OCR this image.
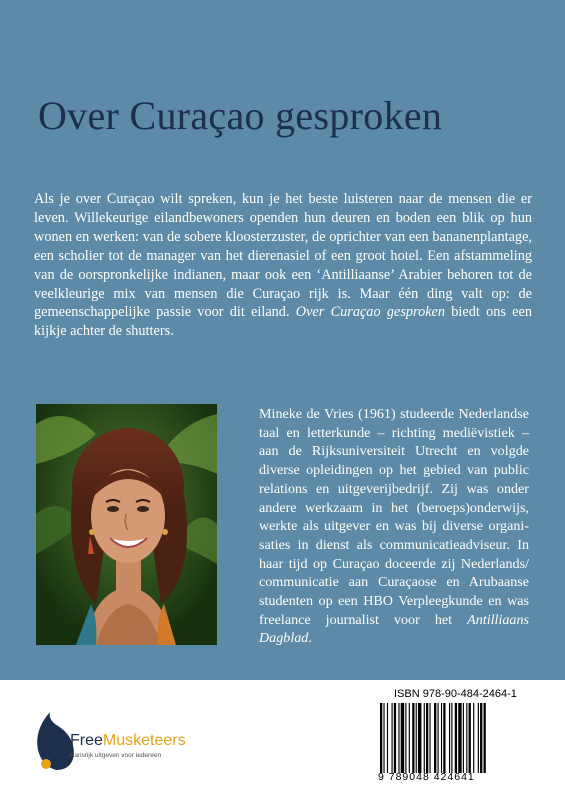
Over Curaçao gesproken
Als je over Curaçao wilt spreken, kun je het beste luisteren naar de mensen die er leven. Willekeurige eilandbewoners openden hun deuren en boden een blik op hun wonen en werken: van de sobere kloosterzuster, de oprichter van een bananenplantage, een scholier tot de manager van het dierenasiel of een groot hotel. Een afstammeling van de oorspronkelijke indianen, maar ook een ‘Antilliaanse’ Arabier behoren tot de veelkleurige mix van mensen die Curaçao rijk is. Maar één ding valt op: de gemeenschappelijke passie voor dit eiland. Over Curaçao gesproken biedt ons een kijkje achter de shutters.
Mineke de Vries (1961) studeerde Nederlandse taal en letterkunde – richting mediëvistiek – aan de Rijksuniversiteit Utrecht en volgde diverse opleidingen op het gebied van public relations en uitgeverijbedrijf. Zij was onder andere werkzaam in het (beroeps)onderwijs, werkte als uitgever en was bij diverse organisaties in dienst als communicatieadviseur. In haar tijd op Curaçao doceerde zij Nederlands/ communicatie aan Curaçaose en Arubaanse studenten op een HBO Verpleegkunde en was freelance journalist voor het Antilliaans Dagblad.
FreeMusketeers
Kansrijk uitgeven voor iedereen
ISBN 978-90-484-2464-1
9 789048 424641
